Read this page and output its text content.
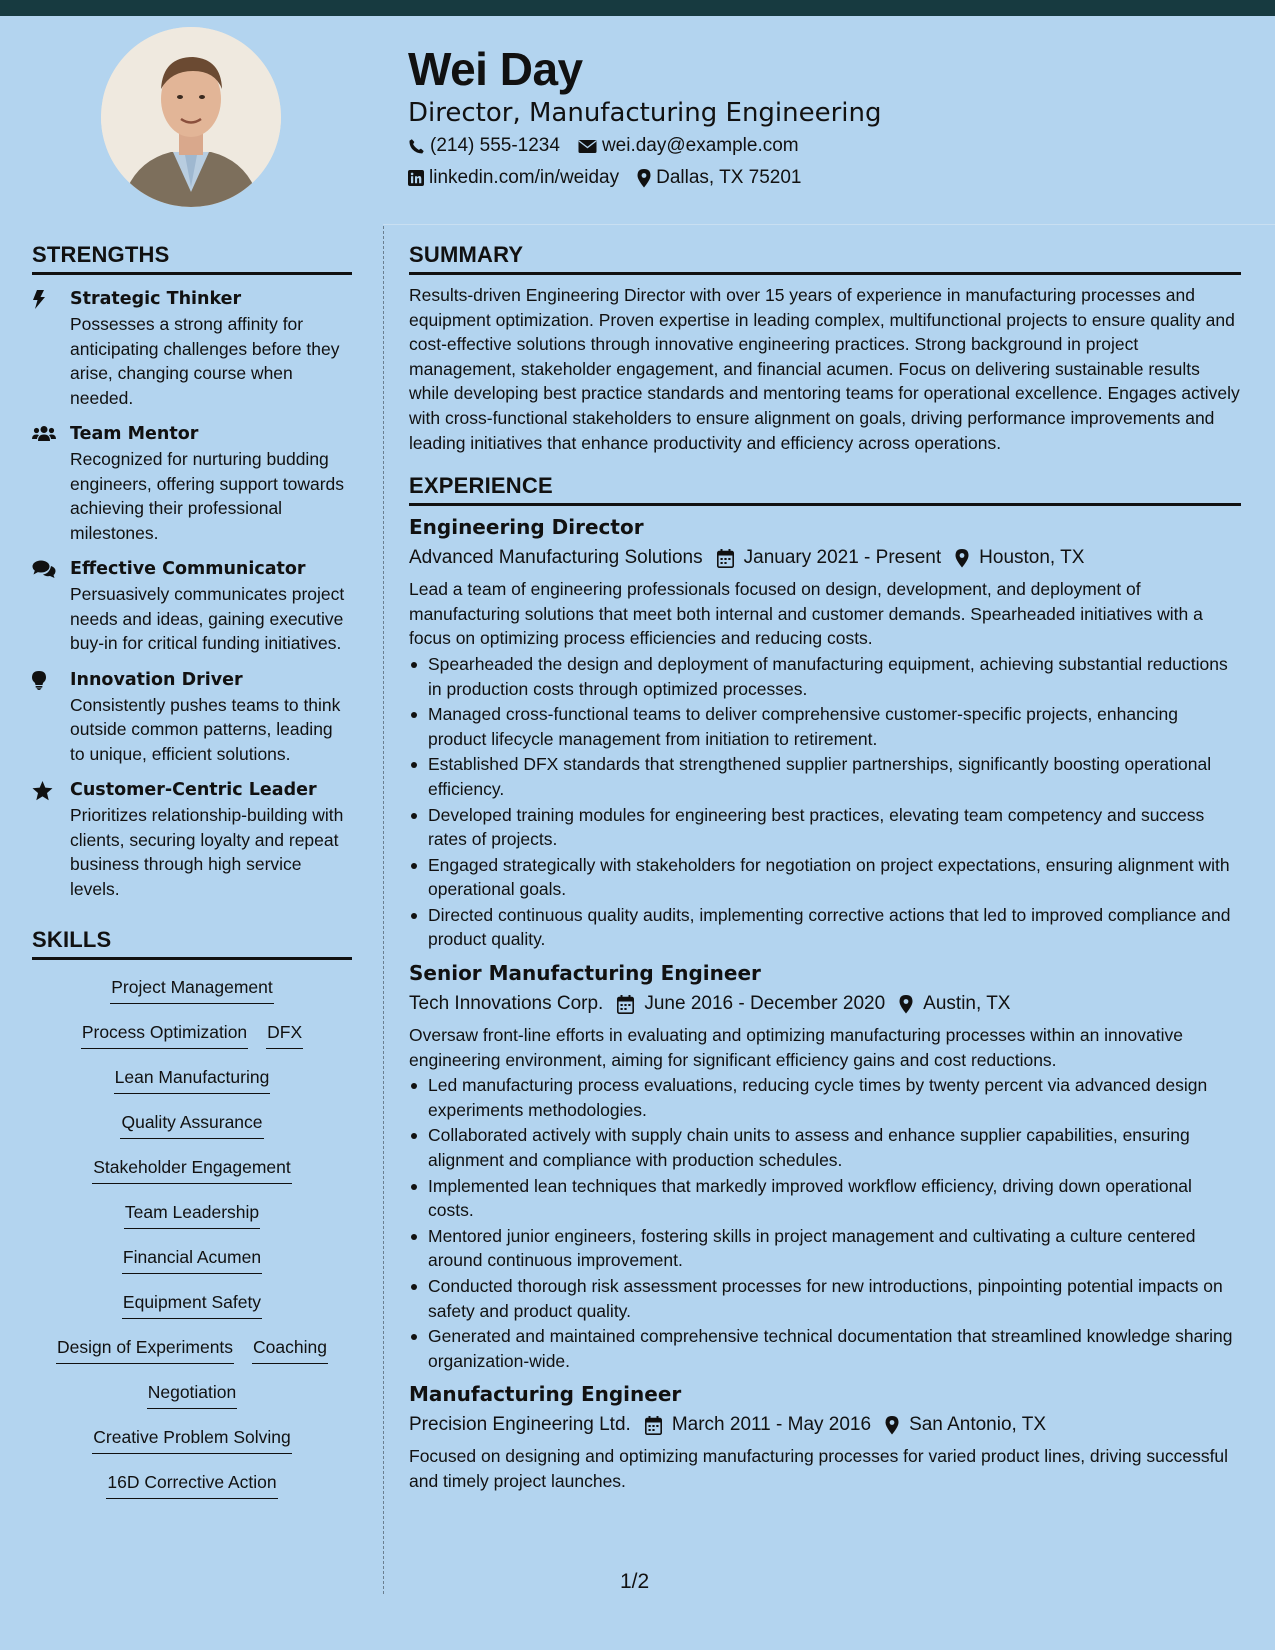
Wei Day
Director, Manufacturing Engineering
(214) 555-1234 wei.day@example.com
linkedin.com/in/weiday Dallas, TX 75201
STRENGTHS
Strategic Thinker
Possesses a strong affinity for anticipating challenges before they arise, changing course when needed.
Team Mentor
Recognized for nurturing budding engineers, offering support towards achieving their professional milestones.
Effective Communicator
Persuasively communicates project needs and ideas, gaining executive buy-in for critical funding initiatives.
Innovation Driver
Consistently pushes teams to think outside common patterns, leading to unique, efficient solutions.
Customer-Centric Leader
Prioritizes relationship-building with clients, securing loyalty and repeat business through high service levels.
SKILLS
Project Management
Process Optimization DFX
Lean Manufacturing
Quality Assurance
Stakeholder Engagement
Team Leadership
Financial Acumen
Equipment Safety
Design of Experiments Coaching
Negotiation
Creative Problem Solving
16D Corrective Action
SUMMARY
Results-driven Engineering Director with over 15 years of experience in manufacturing processes and equipment optimization. Proven expertise in leading complex, multifunctional projects to ensure quality and cost-effective solutions through innovative engineering practices. Strong background in project management, stakeholder engagement, and financial acumen. Focus on delivering sustainable results while developing best practice standards and mentoring teams for operational excellence. Engages actively with cross-functional stakeholders to ensure alignment on goals, driving performance improvements and leading initiatives that enhance productivity and efficiency across operations.
EXPERIENCE
Engineering Director
Advanced Manufacturing Solutions January 2021 - Present Houston, TX
Lead a team of engineering professionals focused on design, development, and deployment of manufacturing solutions that meet both internal and customer demands. Spearheaded initiatives with a focus on optimizing process efficiencies and reducing costs.
Spearheaded the design and deployment of manufacturing equipment, achieving substantial reductions in production costs through optimized processes.
Managed cross-functional teams to deliver comprehensive customer-specific projects, enhancing product lifecycle management from initiation to retirement.
Established DFX standards that strengthened supplier partnerships, significantly boosting operational efficiency.
Developed training modules for engineering best practices, elevating team competency and success rates of projects.
Engaged strategically with stakeholders for negotiation on project expectations, ensuring alignment with operational goals.
Directed continuous quality audits, implementing corrective actions that led to improved compliance and product quality.
Senior Manufacturing Engineer
Tech Innovations Corp. June 2016 - December 2020 Austin, TX
Oversaw front-line efforts in evaluating and optimizing manufacturing processes within an innovative engineering environment, aiming for significant efficiency gains and cost reductions.
Led manufacturing process evaluations, reducing cycle times by twenty percent via advanced design experiments methodologies.
Collaborated actively with supply chain units to assess and enhance supplier capabilities, ensuring alignment and compliance with production schedules.
Implemented lean techniques that markedly improved workflow efficiency, driving down operational costs.
Mentored junior engineers, fostering skills in project management and cultivating a culture centered around continuous improvement.
Conducted thorough risk assessment processes for new introductions, pinpointing potential impacts on safety and product quality.
Generated and maintained comprehensive technical documentation that streamlined knowledge sharing organization-wide.
Manufacturing Engineer
Precision Engineering Ltd. March 2011 - May 2016 San Antonio, TX
Focused on designing and optimizing manufacturing processes for varied product lines, driving successful and timely project launches.
1/2
